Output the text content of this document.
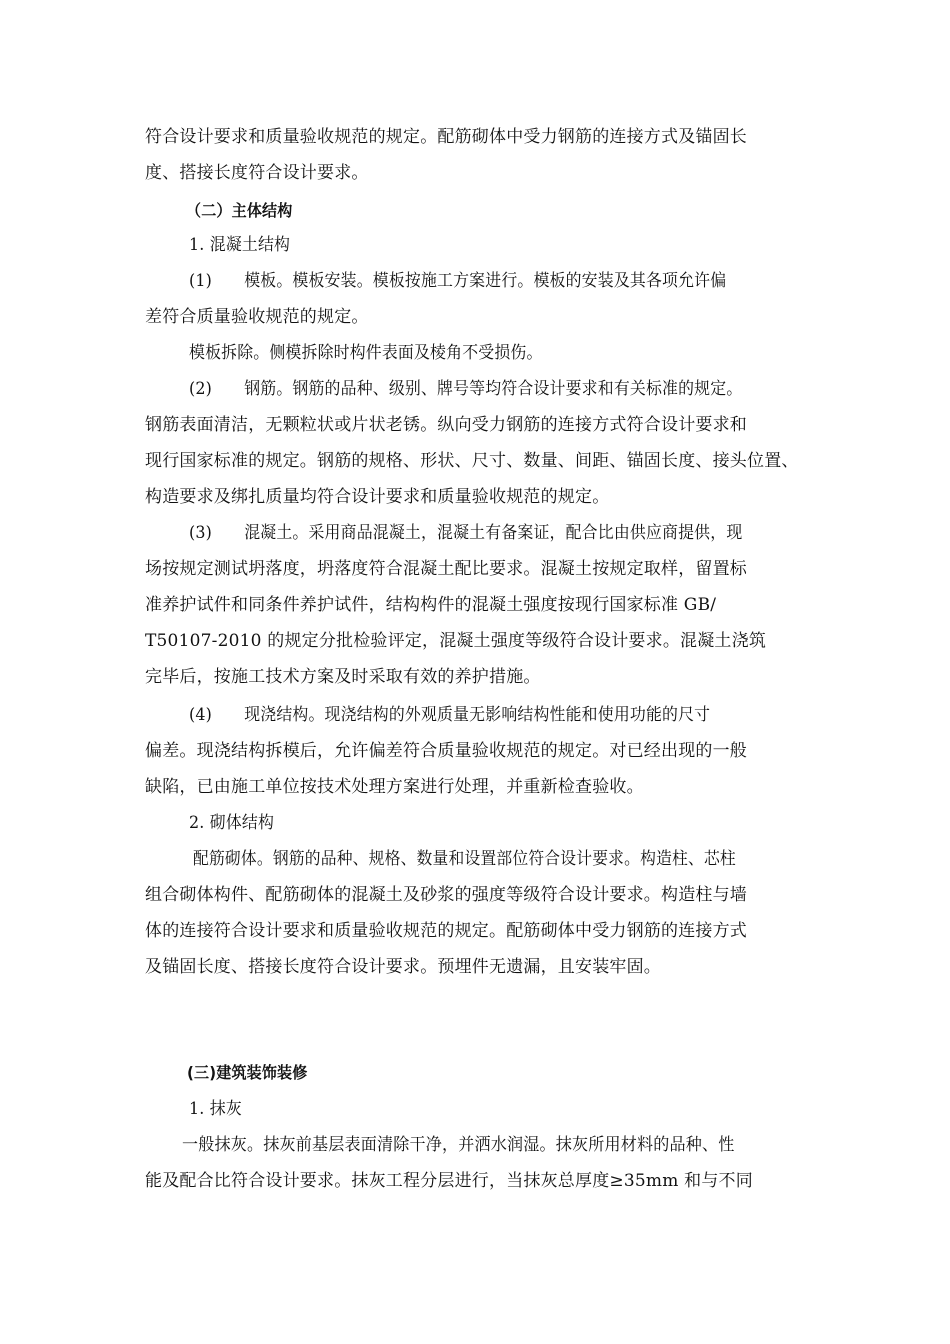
符合设计要求和质量验收规范的规定。配筋砌体中受力钢筋的连接方式及锚固长
度、搭接长度符合设计要求。
（二）主体结构
1. 混凝土结构
(1)　　模板。模板安装。模板按施工方案进行。模板的安装及其各项允许偏
差符合质量验收规范的规定。
模板拆除。侧模拆除时构件表面及棱角不受损伤。
(2)　　钢筋。钢筋的品种、级别、牌号等均符合设计要求和有关标准的规定。
钢筋表面清洁，无颗粒状或片状老锈。纵向受力钢筋的连接方式符合设计要求和
现行国家标准的规定。钢筋的规格、形状、尺寸、数量、间距、锚固长度、接头位置、
构造要求及绑扎质量均符合设计要求和质量验收规范的规定。
(3)　　混凝土。采用商品混凝土，混凝土有备案证，配合比由供应商提供，现
场按规定测试坍落度，坍落度符合混凝土配比要求。混凝土按规定取样，留置标
准养护试件和同条件养护试件，结构构件的混凝土强度按现行国家标准 GB/
T50107-2010 的规定分批检验评定，混凝土强度等级符合设计要求。混凝土浇筑
完毕后，按施工技术方案及时采取有效的养护措施。
(4)　　现浇结构。现浇结构的外观质量无影响结构性能和使用功能的尺寸
偏差。现浇结构拆模后，允许偏差符合质量验收规范的规定。对已经出现的一般
缺陷，已由施工单位按技术处理方案进行处理，并重新检查验收。
2. 砌体结构
配筋砌体。钢筋的品种、规格、数量和设置部位符合设计要求。构造柱、芯柱
组合砌体构件、配筋砌体的混凝土及砂浆的强度等级符合设计要求。构造柱与墙
体的连接符合设计要求和质量验收规范的规定。配筋砌体中受力钢筋的连接方式
及锚固长度、搭接长度符合设计要求。预埋件无遗漏，且安装牢固。
(三)建筑装饰装修
1. 抹灰
一般抹灰。抹灰前基层表面清除干净，并洒水润湿。抹灰所用材料的品种、性
能及配合比符合设计要求。抹灰工程分层进行，当抹灰总厚度≥35mm 和与不同
